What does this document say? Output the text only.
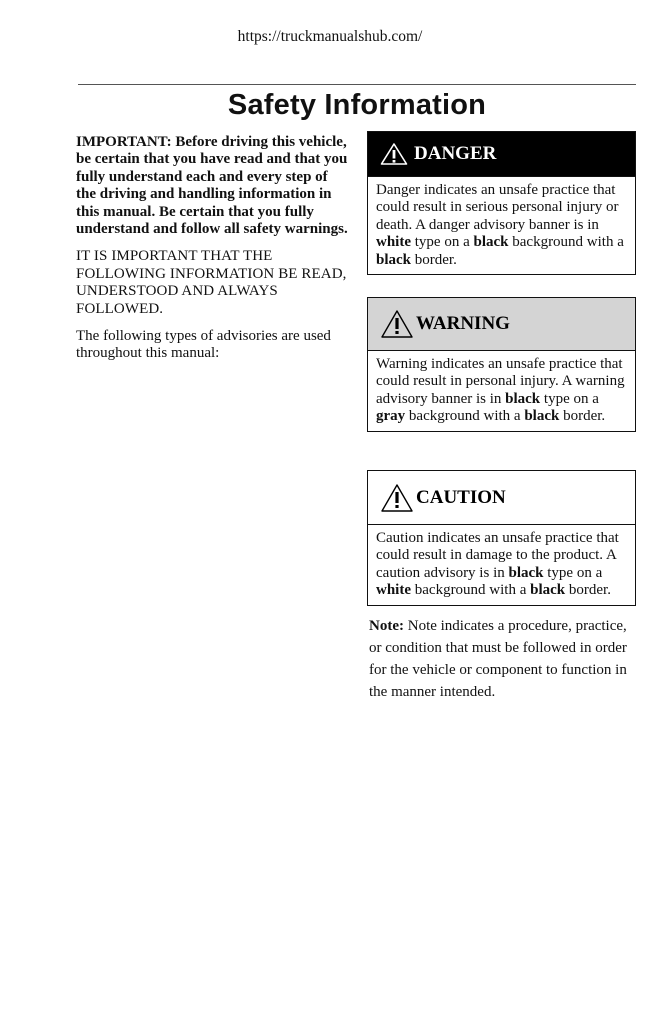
https://truckmanualshub.com/
Safety Information

IMPORTANT: Before driving this vehicle, be certain that you have read and that you fully understand each and every step of the driving and handling information in this manual. Be certain that you fully understand and follow all safety warnings.

IT IS IMPORTANT THAT THE FOLLOWING INFORMATION BE READ, UNDERSTOOD AND ALWAYS FOLLOWED.

The following types of advisories are used throughout this manual:

DANGER
Danger indicates an unsafe practice that could result in serious personal injury or death. A danger advisory banner is in white type on a black background with a black border.
WARNING
Warning indicates an unsafe practice that could result in personal injury. A warning advisory banner is in black type on a gray background with a black border.
CAUTION
Caution indicates an unsafe practice that could result in damage to the product. A caution advisory is in black type on a white background with a black border.
Note: Note indicates a procedure, practice, or condition that must be followed in order for the vehicle or component to function in the manner intended.
